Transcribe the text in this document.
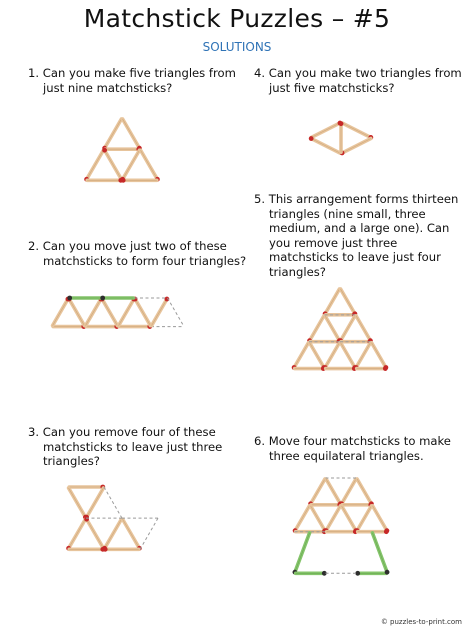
Matchstick Puzzles – #5
SOLUTIONS

1. Can you make five triangles from just nine matchsticks?

2. Can you move just two of these matchsticks to form four triangles?

3. Can you remove four of these matchsticks to leave just three triangles?

4. Can you make two triangles from just five matchsticks?

5. This arrangement forms thirteen triangles (nine small, three medium, and a large one). Can you remove just three matchsticks to leave just four triangles?

6. Move four matchsticks to make three equilateral triangles.

© puzzles-to-print.com
